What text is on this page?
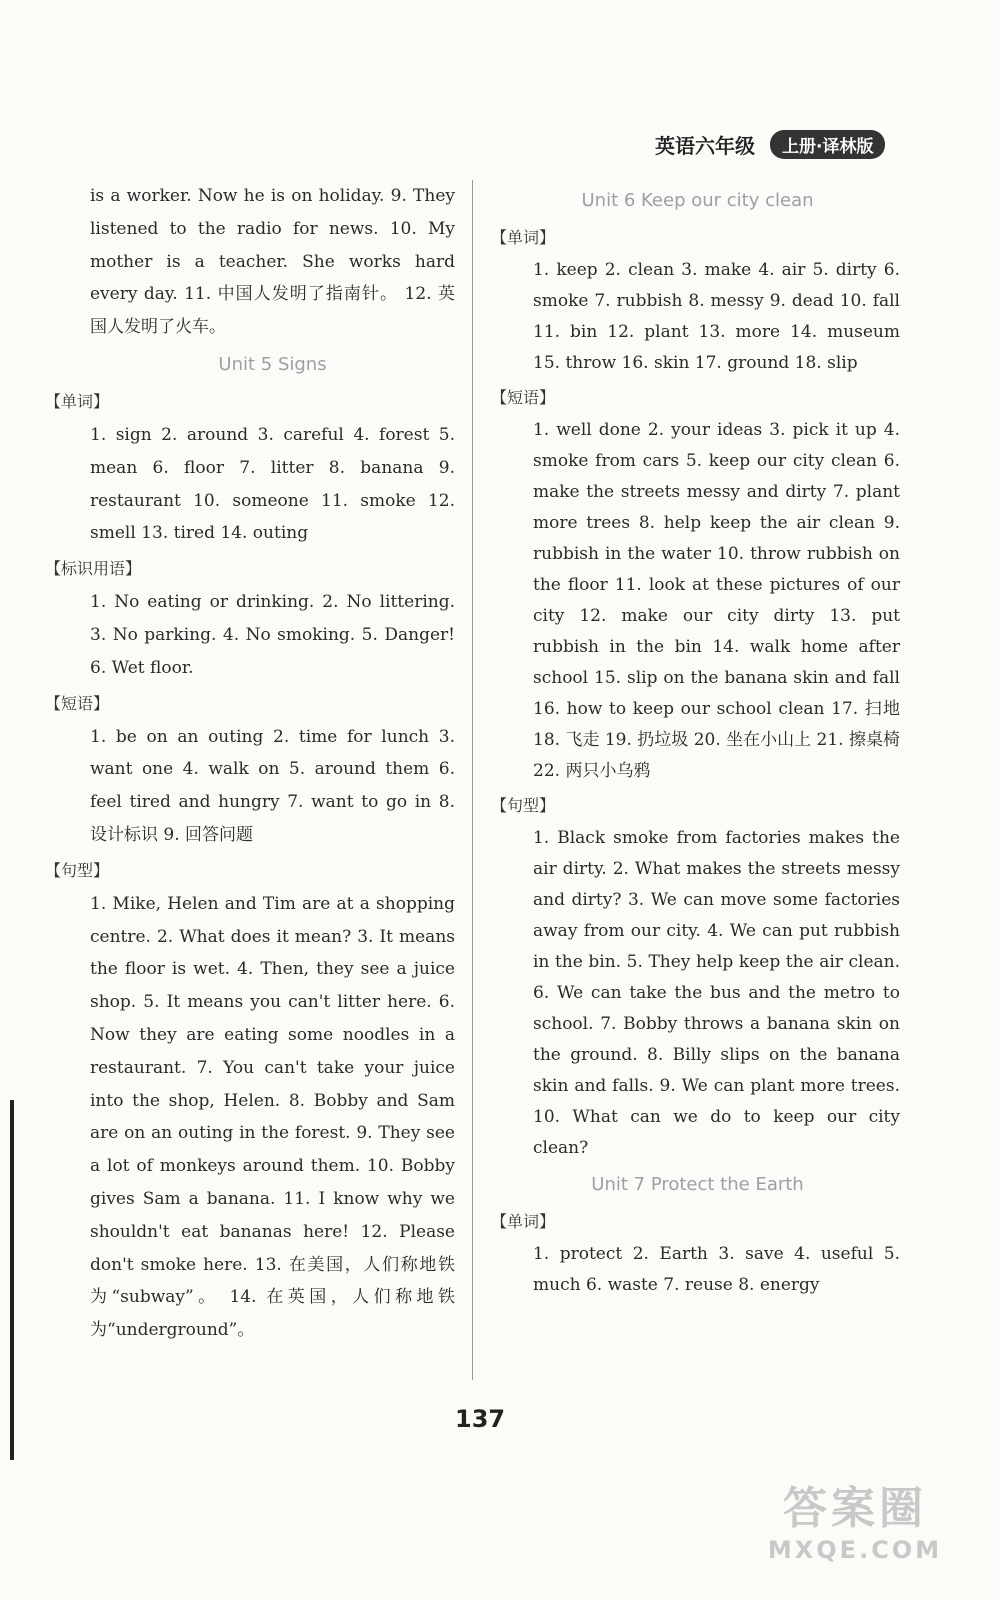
英语六年级	上册·译林版

is a worker. Now he is on holiday. 9. They listened to the radio for news. 10. My mother is a teacher. She works hard every day. 11. 中国人发明了指南针。 12. 英国人发明了火车。

Unit 5 Signs
【单词】

1. sign 2. around 3. careful 4. forest 5. mean 6. floor 7. litter 8. banana 9. restaurant 10. someone 11. smoke 12. smell 13. tired 14. outing

【标识用语】

1. No eating or drinking. 2. No littering. 3. No parking. 4. No smoking. 5. Danger! 6. Wet floor.

【短语】

1. be on an outing 2. time for lunch 3. want one 4. walk on 5. around them 6. feel tired and hungry 7. want to go in 8. 设计标识 9. 回答问题

【句型】

1. Mike, Helen and Tim are at a shopping centre. 2. What does it mean? 3. It means the floor is wet. 4. Then, they see a juice shop. 5. It means you can't litter here. 6. Now they are eating some noodles in a restaurant. 7. You can't take your juice into the shop, Helen. 8. Bobby and Sam are on an outing in the forest. 9. They see a lot of monkeys around them. 10. Bobby gives Sam a banana. 11. I know why we shouldn't eat bananas here! 12. Please don't smoke here. 13. 在美国，人们称地铁为“subway”。 14. 在英国，人们称地铁为“underground”。

Unit 6 Keep our city clean
【单词】

1. keep 2. clean 3. make 4. air 5. dirty 6. smoke 7. rubbish 8. messy 9. dead 10. fall 11. bin 12. plant 13. more 14. museum 15. throw 16. skin 17. ground 18. slip

【短语】

1. well done 2. your ideas 3. pick it up 4. smoke from cars 5. keep our city clean 6. make the streets messy and dirty 7. plant more trees 8. help keep the air clean 9. rubbish in the water 10. throw rubbish on the floor 11. look at these pictures of our city 12. make our city dirty 13. put rubbish in the bin 14. walk home after school 15. slip on the banana skin and fall 16. how to keep our school clean 17. 扫地 18. 飞走 19. 扔垃圾 20. 坐在小山上 21. 擦桌椅 22. 两只小乌鸦

【句型】

1. Black smoke from factories makes the air dirty. 2. What makes the streets messy and dirty? 3. We can move some factories away from our city. 4. We can put rubbish in the bin. 5. They help keep the air clean. 6. We can take the bus and the metro to school. 7. Bobby throws a banana skin on the ground. 8. Billy slips on the banana skin and falls. 9. We can plant more trees. 10. What can we do to keep our city clean?

Unit 7 Protect the Earth
【单词】

1. protect 2. Earth 3. save 4. useful 5. much 6. waste 7. reuse 8. energy

137
答案圈
MXQE.COM
